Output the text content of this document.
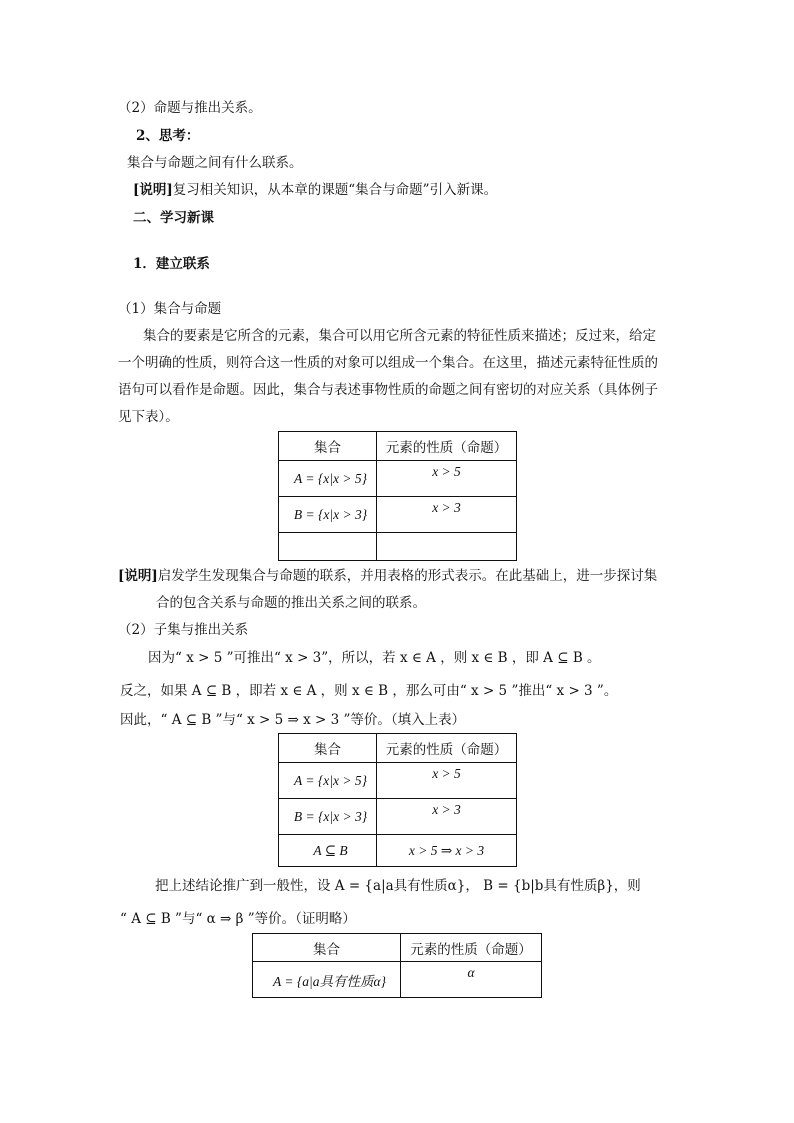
（2）命题与推出关系。
2、思考：
集合与命题之间有什么联系。
[说明]复习相关知识，从本章的课题“集合与命题”引入新课。
二、学习新课
1．建立联系
（1）集合与命题
集合的要素是它所含的元素，集合可以用它所含元素的特征性质来描述；反过来，给定
一个明确的性质，则符合这一性质的对象可以组成一个集合。在这里，描述元素特征性质的
语句可以看作是命题。因此，集合与表述事物性质的命题之间有密切的对应关系（具体例子
见下表）。
集合	元素的性质（命题）
A = {x|x > 5}	x > 5
B = {x|x > 3}	x > 3

[说明]启发学生发现集合与命题的联系，并用表格的形式表示。在此基础上，进一步探讨集
合的包含关系与命题的推出关系之间的联系。
（2）子集与推出关系
因为“ x > 5 ”可推出“ x > 3”，所以，若 x ∈ A ，则 x ∈ B ，即 A ⊆ B 。
反之，如果 A ⊆ B ，即若 x ∈ A ，则 x ∈ B ，那么可由“ x > 5 ”推出“ x > 3 ”。
因此，“ A ⊆ B ”与“ x > 5 ⇒ x > 3 ”等价。（填入上表）
集合	元素的性质（命题）
A = {x|x > 5}	x > 5
B = {x|x > 3}	x > 3
A ⊆ B	x > 5 ⇒ x > 3
把上述结论推广到一般性，设 A = {a|a具有性质α}， B = {b|b具有性质β}，则
“ A ⊆ B ”与“ α ⇒ β ”等价。（证明略）
集合	元素的性质（命题）
A = {a|a具有性质α}	α
